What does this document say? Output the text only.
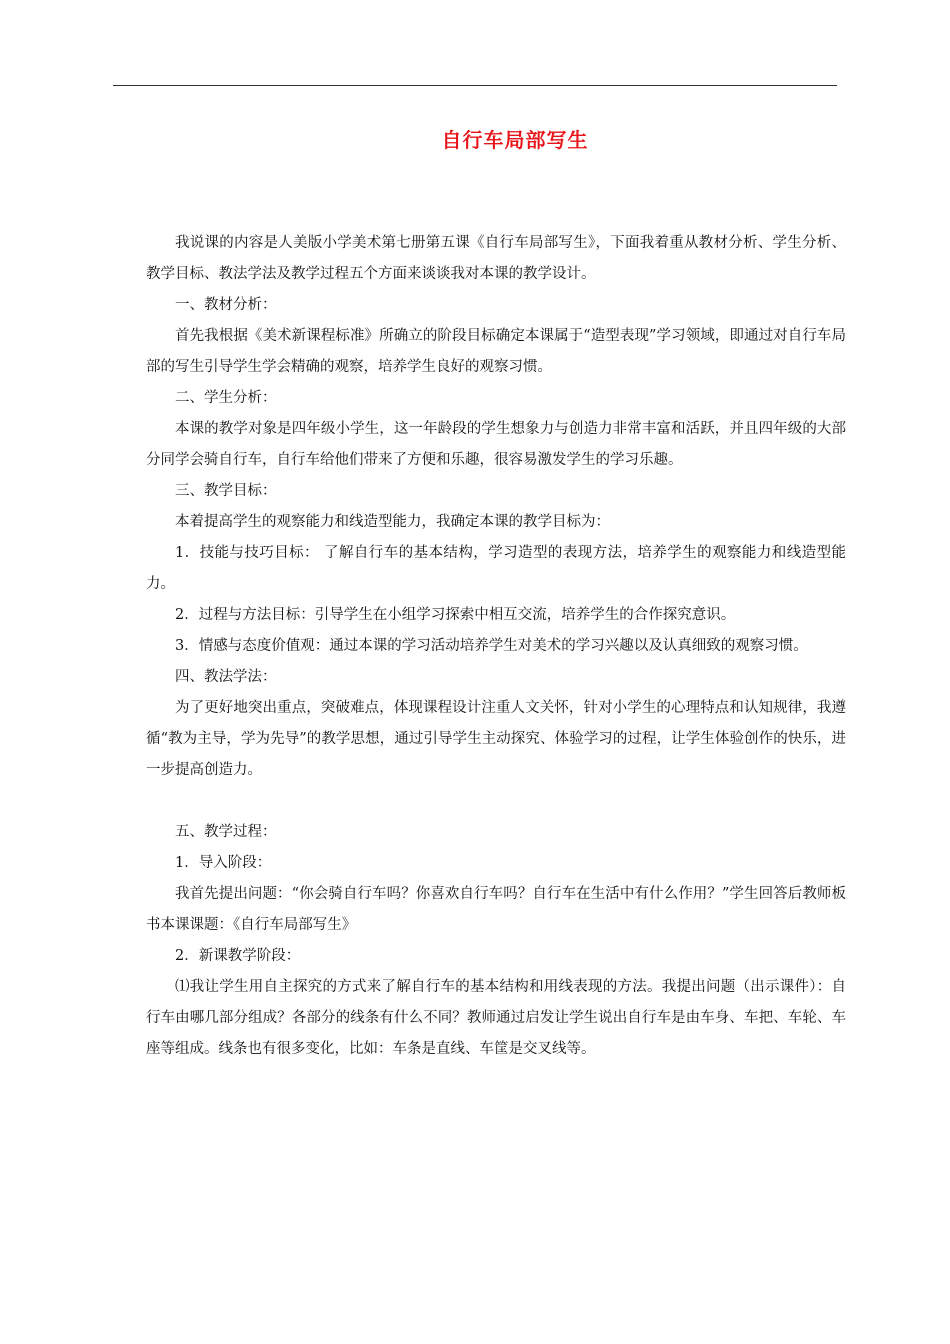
自行车局部写生

我说课的内容是人美版小学美术第七册第五课《自行车局部写生》，下面我着重从教材分析、学生分析、教学目标、教法学法及教学过程五个方面来谈谈我对本课的教学设计。

一、教材分析：

首先我根据《美术新课程标准》所确立的阶段目标确定本课属于“造型表现”学习领域，即通过对自行车局部的写生引导学生学会精确的观察，培养学生良好的观察习惯。

二、学生分析：

本课的教学对象是四年级小学生，这一年龄段的学生想象力与创造力非常丰富和活跃，并且四年级的大部分同学会骑自行车，自行车给他们带来了方便和乐趣，很容易激发学生的学习乐趣。

三、教学目标：

本着提高学生的观察能力和线造型能力，我确定本课的教学目标为：

1．技能与技巧目标： 了解自行车的基本结构，学习造型的表现方法，培养学生的观察能力和线造型能力。

2．过程与方法目标：引导学生在小组学习探索中相互交流，培养学生的合作探究意识。

3．情感与态度价值观：通过本课的学习活动培养学生对美术的学习兴趣以及认真细致的观察习惯。

四、教法学法：

为了更好地突出重点，突破难点，体现课程设计注重人文关怀，针对小学生的心理特点和认知规律，我遵循“教为主导，学为先导”的教学思想，通过引导学生主动探究、体验学习的过程，让学生体验创作的快乐，进一步提高创造力。

五、教学过程：

1．导入阶段：

我首先提出问题：“你会骑自行车吗？你喜欢自行车吗？自行车在生活中有什么作用？”学生回答后教师板书本课课题：《自行车局部写生》

2．新课教学阶段：

⑴我让学生用自主探究的方式来了解自行车的基本结构和用线表现的方法。我提出问题（出示课件）：自行车由哪几部分组成？各部分的线条有什么不同？教师通过启发让学生说出自行车是由车身、车把、车轮、车座等组成。线条也有很多变化，比如：车条是直线、车筐是交叉线等。
